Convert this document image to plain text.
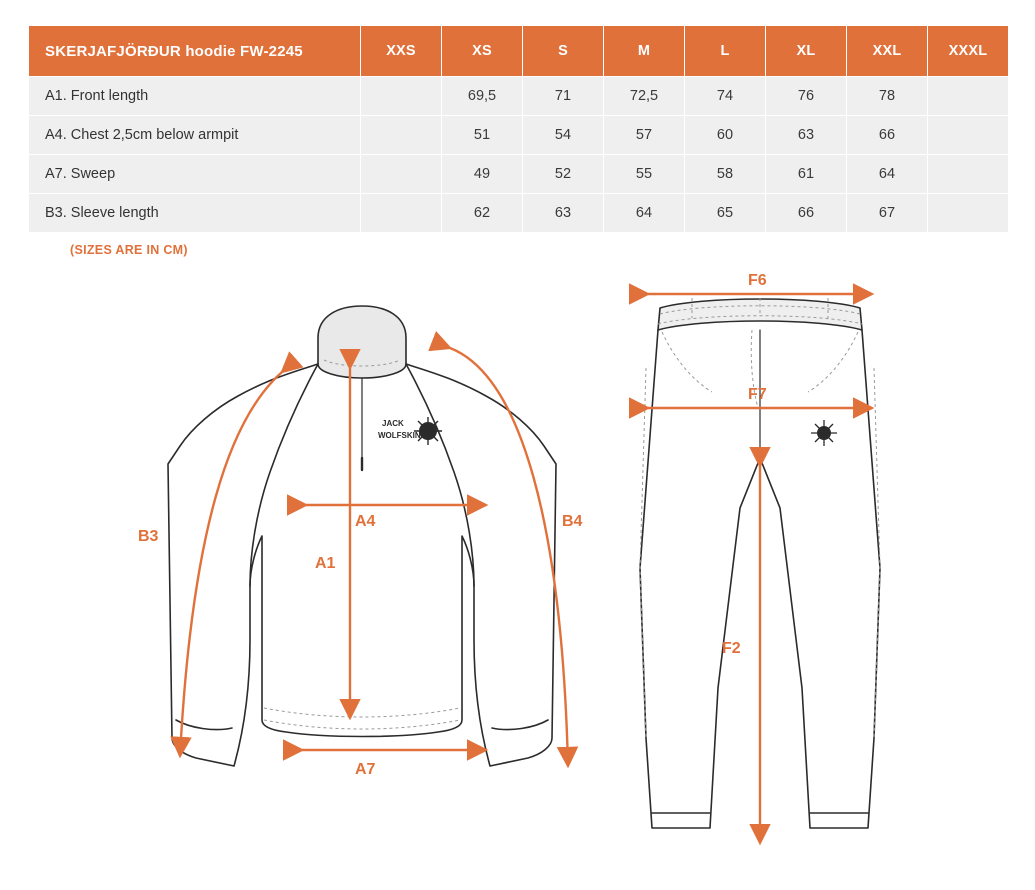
SKERJAFJÖRÐUR hoodie FW-2245	XXS	XS	S	M	L	XL	XXL	XXXL
A1. Front length		69,5	71	72,5	74	76	78	
A4. Chest 2,5cm below armpit		51	54	57	60	63	66	
A7. Sweep		49	52	55	58	61	64	
B3. Sleeve length		62	63	64	65	66	67	
(SIZES ARE IN CM)
JACK
WOLFSKIN
B3
A4
A1
A7
B4
F6
F7
F2
